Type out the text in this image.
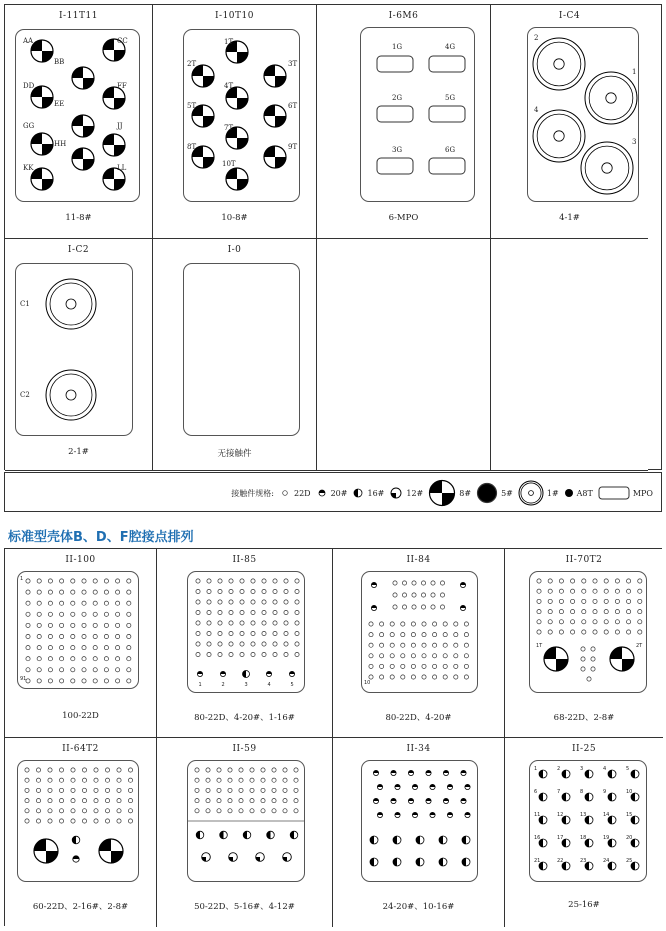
I-11T11
11-8#
AA	CC
BB
DD	FF
EE
GG	JJ
HH
KK	LL
I-10T10
10-8#
1T
2T	3T
4T
5T	6T
7T
8T	9T
10T
I-6M6
6-MPO
1G	4G
2G	5G
3G	6G
I-C4
4-1#
2
1
4
3
I-C2
2-1#
C1
C2
I-0
无接触件
接触件规格:	22D	20#	16#	12#	8#	5#	1# A8T	MPO
标准型壳体B、D、F腔接点排列
II-100
100-22D
1
91
II-85
80-22D、4-20#、1-16#
1	2	3	4	5
II-84
80-22D、4-20#
10
II-70T2
68-22D、2-8#
1T	2T
II-64T2
60-22D、2-16#、2-8#
II-59
50-22D、5-16#、4-12#
II-34
24-20#、10-16#
II-25
25-16#
1	2	3	4	5
6	7	8	9	10
11	12	13	14	15
16	17	18	19	20
21	22	23	24	25
